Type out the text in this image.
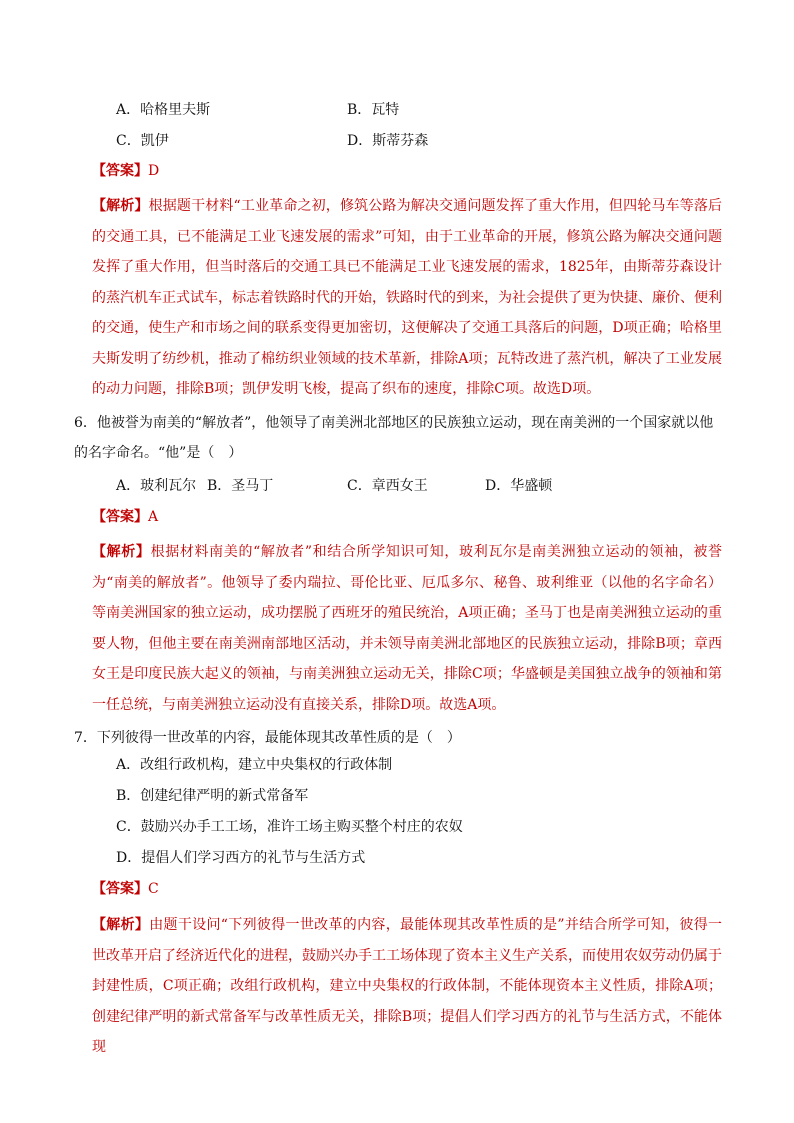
A．哈格里夫斯	B．瓦特
C．凯伊	D．斯蒂芬森
【答案】D
【解析】根据题干材料“工业革命之初，修筑公路为解决交通问题发挥了重大作用，但四轮马车等落后的交通工具，已不能满足工业飞速发展的需求”可知，由于工业革命的开展，修筑公路为解决交通问题发挥了重大作用，但当时落后的交通工具已不能满足工业飞速发展的需求，1825年，由斯蒂芬森设计的蒸汽机车正式试车，标志着铁路时代的开始，铁路时代的到来，为社会提供了更为快捷、廉价、便利的交通，使生产和市场之间的联系变得更加密切，这便解决了交通工具落后的问题，D项正确；哈格里夫斯发明了纺纱机，推动了棉纺织业领域的技术革新，排除A项；瓦特改进了蒸汽机，解决了工业发展的动力问题，排除B项；凯伊发明飞梭，提高了织布的速度，排除C项。故选D项。
6．他被誉为南美的“解放者”，他领导了南美洲北部地区的民族独立运动，现在南美洲的一个国家就以他的名字命名。“他”是（　）
A．玻利瓦尔 B．圣马丁	C．章西女王	D．华盛顿
【答案】A
【解析】根据材料南美的“解放者”和结合所学知识可知，玻利瓦尔是南美洲独立运动的领袖，被誉为“南美的解放者”。他领导了委内瑞拉、哥伦比亚、厄瓜多尔、秘鲁、玻利维亚（以他的名字命名）等南美洲国家的独立运动，成功摆脱了西班牙的殖民统治，A项正确；圣马丁也是南美洲独立运动的重要人物，但他主要在南美洲南部地区活动，并未领导南美洲北部地区的民族独立运动，排除B项；章西女王是印度民族大起义的领袖，与南美洲独立运动无关，排除C项；华盛顿是美国独立战争的领袖和第一任总统，与南美洲独立运动没有直接关系，排除D项。故选A项。
7．下列彼得一世改革的内容，最能体现其改革性质的是（　）
A．改组行政机构，建立中央集权的行政体制
B．创建纪律严明的新式常备军
C．鼓励兴办手工工场，准许工场主购买整个村庄的农奴
D．提倡人们学习西方的礼节与生活方式
【答案】C
【解析】由题干设问“下列彼得一世改革的内容，最能体现其改革性质的是”并结合所学可知，彼得一世改革开启了经济近代化的进程，鼓励兴办手工工场体现了资本主义生产关系，而使用农奴劳动仍属于封建性质，C项正确；改组行政机构，建立中央集权的行政体制，不能体现资本主义性质，排除A项；创建纪律严明的新式常备军与改革性质无关，排除B项；提倡人们学习西方的礼节与生活方式，不能体现
